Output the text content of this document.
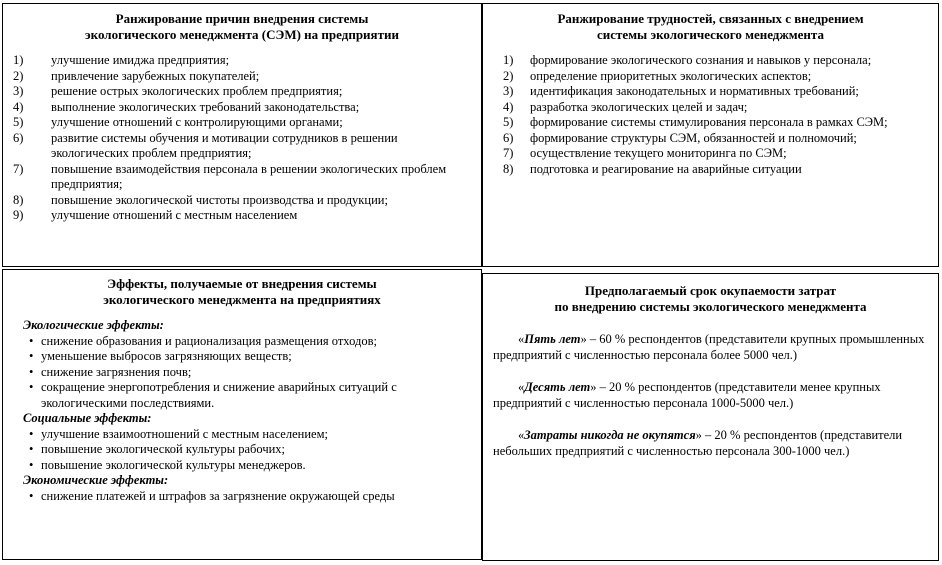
Ранжирование причин внедрения системы
экологического менеджмента (СЭМ) на предприятии

1) улучшение имиджа предприятия;
2) привлечение зарубежных покупателей;
3) решение острых экологических проблем предприятия;
4) выполнение экологических требований законодательства;
5) улучшение отношений с контролирующими органами;
6) развитие системы обучения и мотивации сотрудников в решении экологических проблем предприятия;
7) повышение взаимодействия персонала в решении экологических проблем предприятия;
8) повышение экологической чистоты производства и продукции;
9) улучшение отношений с местным населением

Ранжирование трудностей, связанных с внедрением
системы экологического менеджмента

1) формирование экологического сознания и навыков у персонала;
2) определение приоритетных экологических аспектов;
3) идентификация законодательных и нормативных требований;
4) разработка экологических целей и задач;
5) формирование системы стимулирования персонала в рамках СЭМ;
6) формирование структуры СЭМ, обязанностей и полномочий;
7) осуществление текущего мониторинга по СЭМ;
8) подготовка и реагирование на аварийные ситуации

Эффекты, получаемые от внедрения системы
экологического менеджмента на предприятиях

Экологические эффекты:
• снижение образования и рационализация размещения отходов;
• уменьшение выбросов загрязняющих веществ;
• снижение загрязнения почв;
• сокращение энергопотребления и снижение аварийных ситуаций с экологическими последствиями.
Социальные эффекты:
• улучшение взаимоотношений с местным населением;
• повышение экологической культуры рабочих;
• повышение экологической культуры менеджеров.
Экономические эффекты:
• снижение платежей и штрафов за загрязнение окружающей среды

Предполагаемый срок окупаемости затрат
по внедрению системы экологического менеджмента

«Пять лет» – 60 % респондентов (представители крупных промышленных предприятий с численностью персонала более 5000 чел.)

«Десять лет» – 20 % респондентов (представители менее крупных предприятий с численностью персонала 1000-5000 чел.)

«Затраты никогда не окупятся» – 20 % респондентов (представители небольших предприятий с численностью персонала 300-1000 чел.)
